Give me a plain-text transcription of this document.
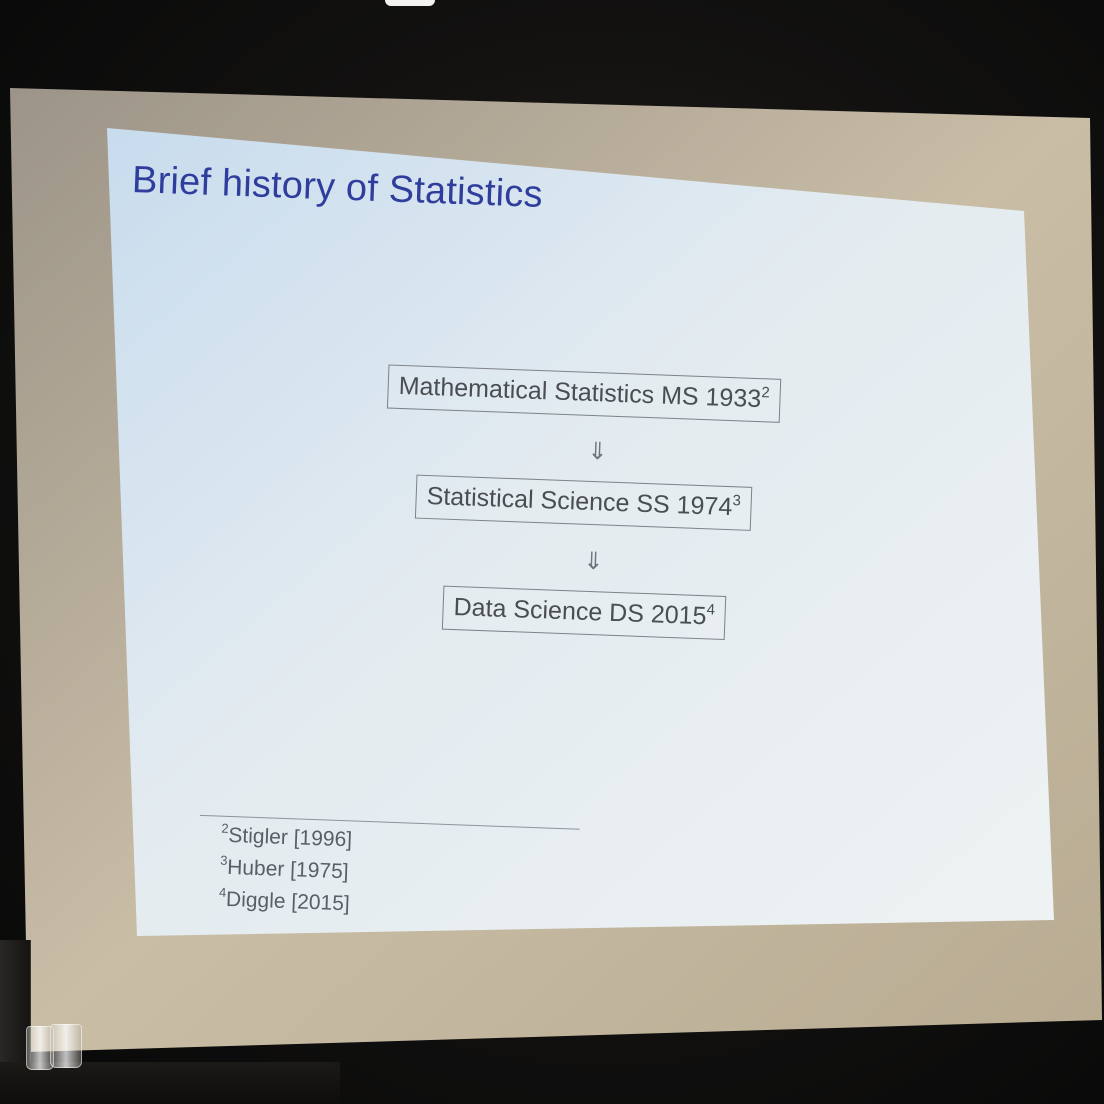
Brief history of Statistics
Mathematical Statistics MS 1933$^2$
⇓
Statistical Science SS 1974$^3$
⇓
Data Science DS 2015$^4$
$^2$Stigler [1996]
$^3$Huber [1975]
$^4$Diggle [2015]
